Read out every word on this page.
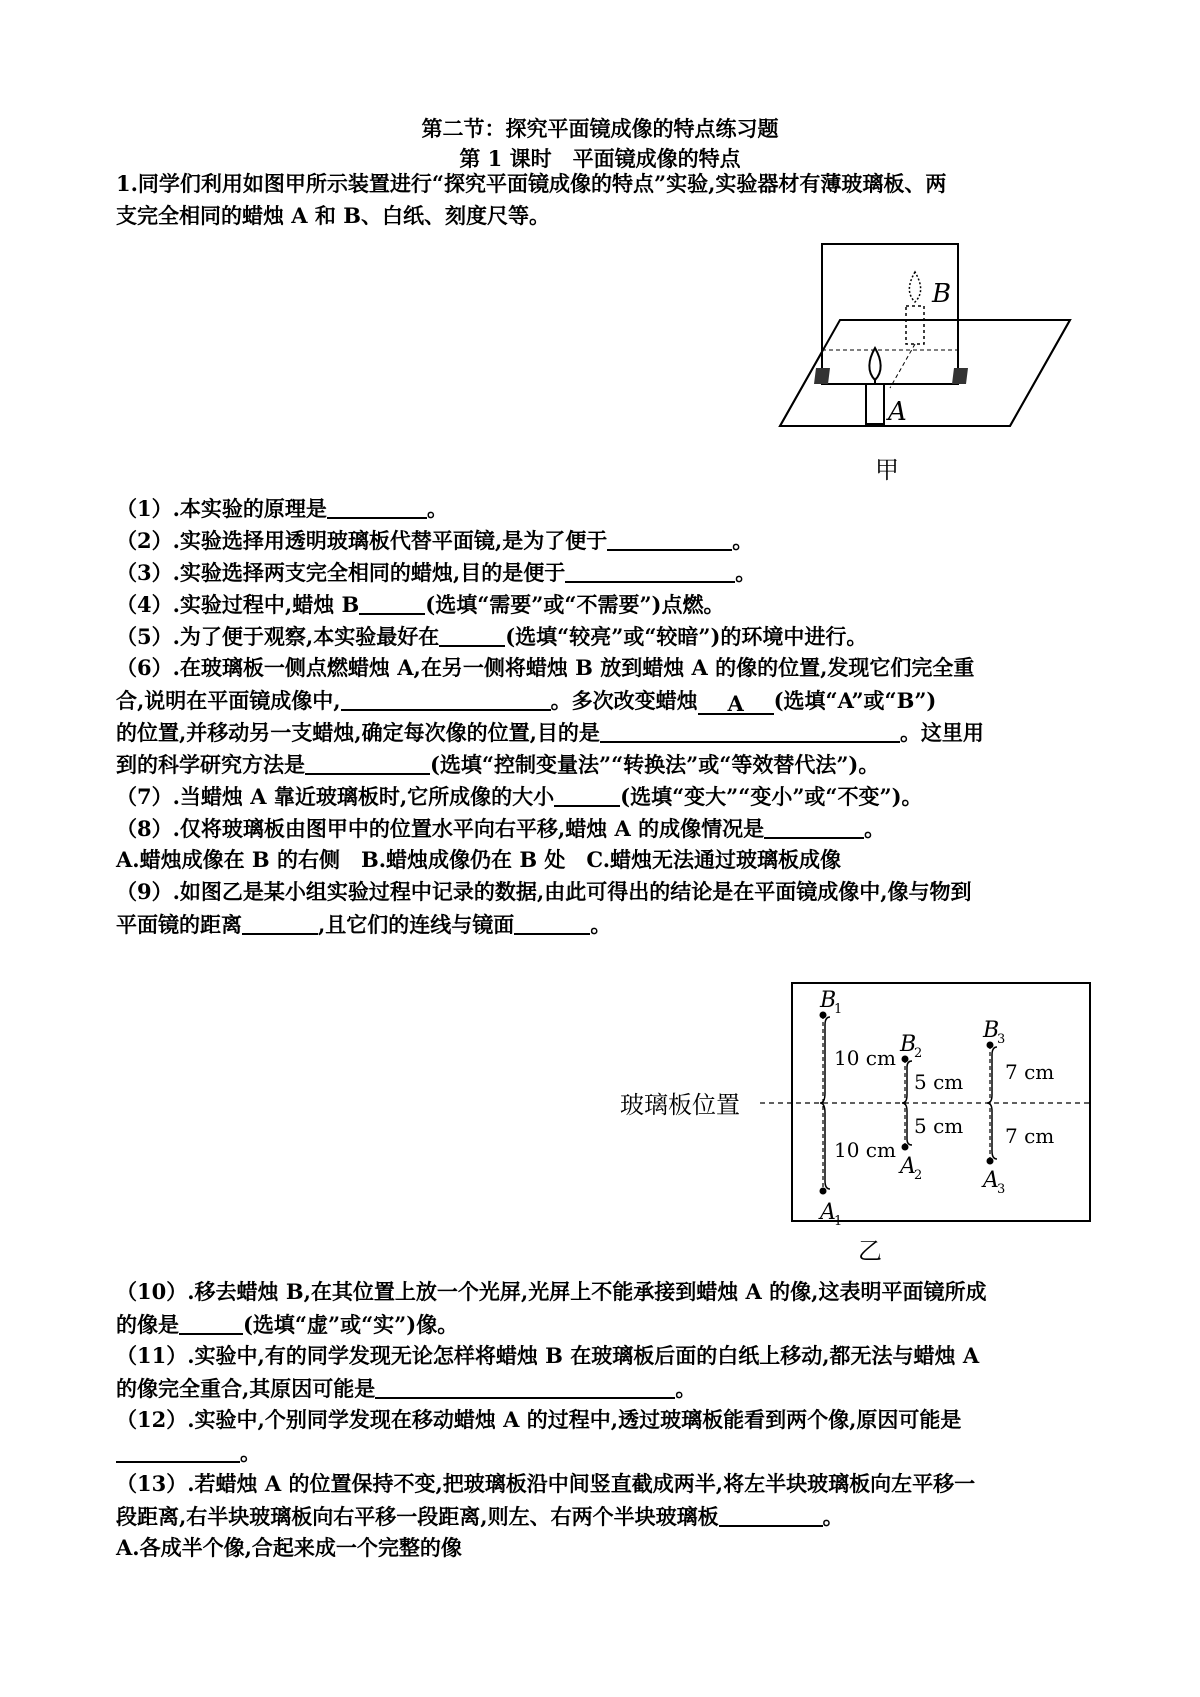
第二节：探究平面镜成像的特点练习题
第 1 课时　平面镜成像的特点
1.同学们利用如图甲所示装置进行“探究平面镜成像的特点”实验,实验器材有薄玻璃板、两
支完全相同的蜡烛 A 和 B、白纸、刻度尺等。
B
A
甲
（1）.本实验的原理是	。
（2）.实验选择用透明玻璃板代替平面镜,是为了便于	。
（3）.实验选择两支完全相同的蜡烛,目的是便于	。
（4）.实验过程中,蜡烛 B	(选填“需要”或“不需要”)点燃。
（5）.为了便于观察,本实验最好在	(选填“较亮”或“较暗”)的环境中进行。
（6）.在玻璃板一侧点燃蜡烛 A,在另一侧将蜡烛 B 放到蜡烛 A 的像的位置,发现它们完全重
合,说明在平面镜成像中,	。多次改变蜡烛 A (选填“A”或“B”)
的位置,并移动另一支蜡烛,确定每次像的位置,目的是	。这里用
到的科学研究方法是	(选填“控制变量法”“转换法”或“等效替代法”)。
（7）.当蜡烛 A 靠近玻璃板时,它所成像的大小	(选填“变大”“变小”或“不变”)。
（8）.仅将玻璃板由图甲中的位置水平向右平移,蜡烛 A 的成像情况是	。
A.蜡烛成像在 B 的右侧　B.蜡烛成像仍在 B 处　C.蜡烛无法通过玻璃板成像
（9）.如图乙是某小组实验过程中记录的数据,由此可得出的结论是在平面镜成像中,像与物到
平面镜的距离	,且它们的连线与镜面	。
玻璃板位置
10 cm
10 cm
B
1
A
1
5 cm
5 cm
B
2
A
2
7 cm
7 cm
B
3
A
3
乙
（10）.移去蜡烛 B,在其位置上放一个光屏,光屏上不能承接到蜡烛 A 的像,这表明平面镜所成
的像是	(选填“虚”或“实”)像。
（11）.实验中,有的同学发现无论怎样将蜡烛 B 在玻璃板后面的白纸上移动,都无法与蜡烛 A
的像完全重合,其原因可能是	。
（12）.实验中,个别同学发现在移动蜡烛 A 的过程中,透过玻璃板能看到两个像,原因可能是
。
（13）.若蜡烛 A 的位置保持不变,把玻璃板沿中间竖直截成两半,将左半块玻璃板向左平移一
段距离,右半块玻璃板向右平移一段距离,则左、右两个半块玻璃板	。
A.各成半个像,合起来成一个完整的像
